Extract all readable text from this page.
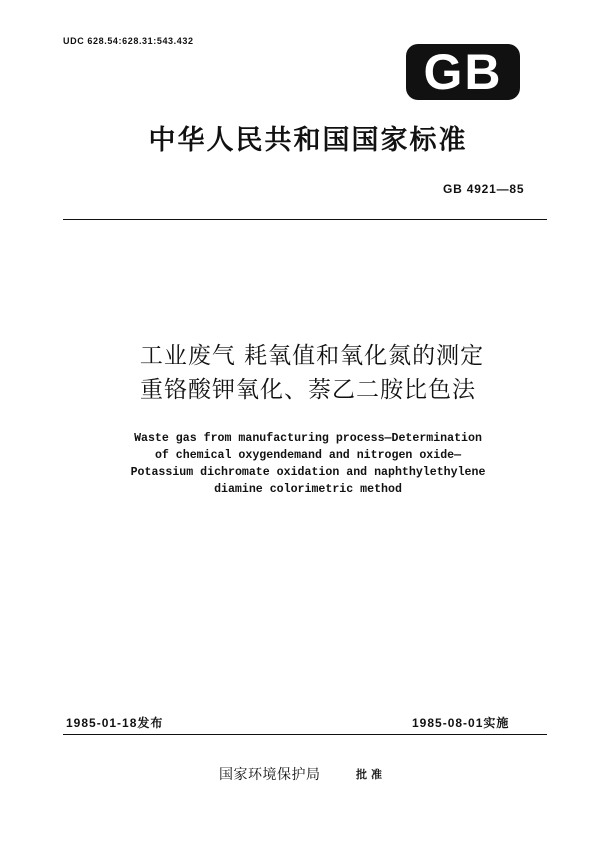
UDC 628.54:628.31:543.432
GB
中华人民共和国国家标准
GB 4921—85
工业废气 耗氧值和氧化氮的测定
重铬酸钾氧化、萘乙二胺比色法
Waste gas from manufacturing process—Determination
of chemical oxygendemand and nitrogen oxide—
Potassium dichromate oxidation and naphthylethylene
diamine colorimetric method
1985-01-18发布	1985-08-01实施
国家环境保护局	批准
